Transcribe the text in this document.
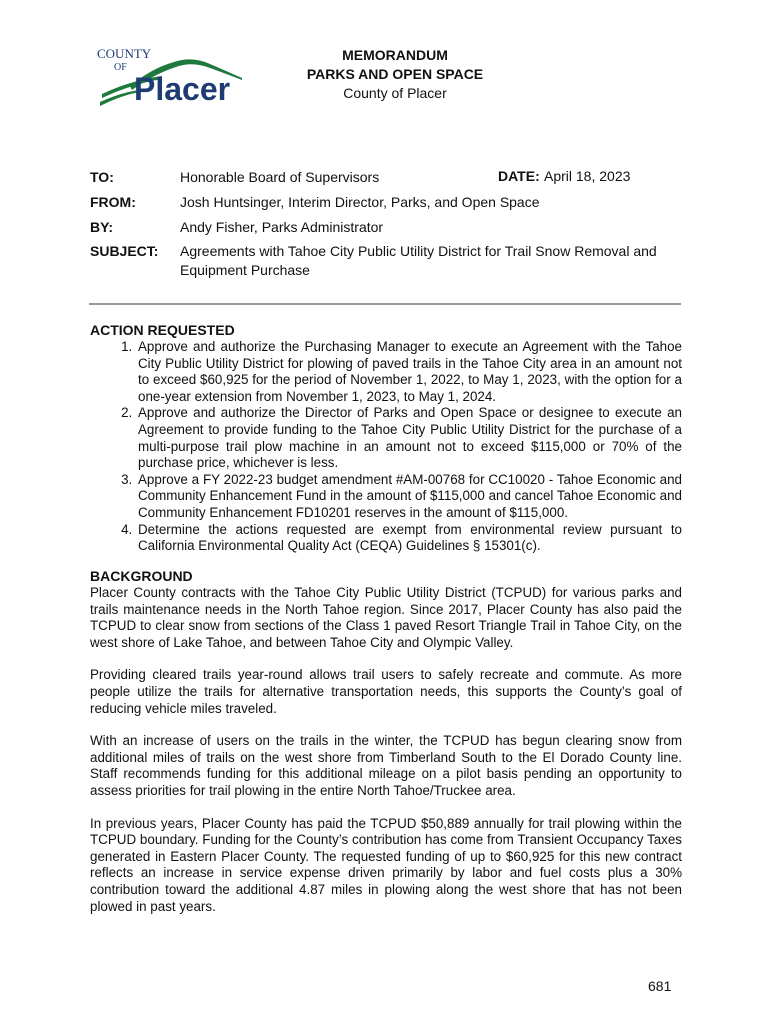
COUNTY
OF
Placer
MEMORANDUM
PARKS AND OPEN SPACE
County of Placer
TO:	Honorable Board of Supervisors	DATE: April 18, 2023
FROM:	Josh Huntsinger, Interim Director, Parks, and Open Space
BY:	Andy Fisher, Parks Administrator
SUBJECT: Agreements with Tahoe City Public Utility District for Trail Snow Removal and
Equipment Purchase
ACTION REQUESTED
1. Approve and authorize the Purchasing Manager to execute an Agreement with the Tahoe City Public Utility District for plowing of paved trails in the Tahoe City area in an amount not to exceed $60,925 for the period of November 1, 2022, to May 1, 2023, with the option for a one-year extension from November 1, 2023, to May 1, 2024.
2. Approve and authorize the Director of Parks and Open Space or designee to execute an Agreement to provide funding to the Tahoe City Public Utility District for the purchase of a multi-purpose trail plow machine in an amount not to exceed $115,000 or 70% of the purchase price, whichever is less.
3. Approve a FY 2022-23 budget amendment #AM-00768 for CC10020 - Tahoe Economic and Community Enhancement Fund in the amount of $115,000 and cancel Tahoe Economic and Community Enhancement FD10201 reserves in the amount of $115,000.
4. Determine the actions requested are exempt from environmental review pursuant to California Environmental Quality Act (CEQA) Guidelines § 15301(c).
BACKGROUND

Placer County contracts with the Tahoe City Public Utility District (TCPUD) for various parks and trails maintenance needs in the North Tahoe region. Since 2017, Placer County has also paid the TCPUD to clear snow from sections of the Class 1 paved Resort Triangle Trail in Tahoe City, on the west shore of Lake Tahoe, and between Tahoe City and Olympic Valley.

Providing cleared trails year-round allows trail users to safely recreate and commute. As more people utilize the trails for alternative transportation needs, this supports the County’s goal of reducing vehicle miles traveled.

With an increase of users on the trails in the winter, the TCPUD has begun clearing snow from additional miles of trails on the west shore from Timberland South to the El Dorado County line. Staff recommends funding for this additional mileage on a pilot basis pending an opportunity to assess priorities for trail plowing in the entire North Tahoe/Truckee area.

In previous years, Placer County has paid the TCPUD $50,889 annually for trail plowing within the TCPUD boundary. Funding for the County’s contribution has come from Transient Occupancy Taxes generated in Eastern Placer County. The requested funding of up to $60,925 for this new contract reflects an increase in service expense driven primarily by labor and fuel costs plus a 30% contribution toward the additional 4.87 miles in plowing along the west shore that has not been plowed in past years.

681
